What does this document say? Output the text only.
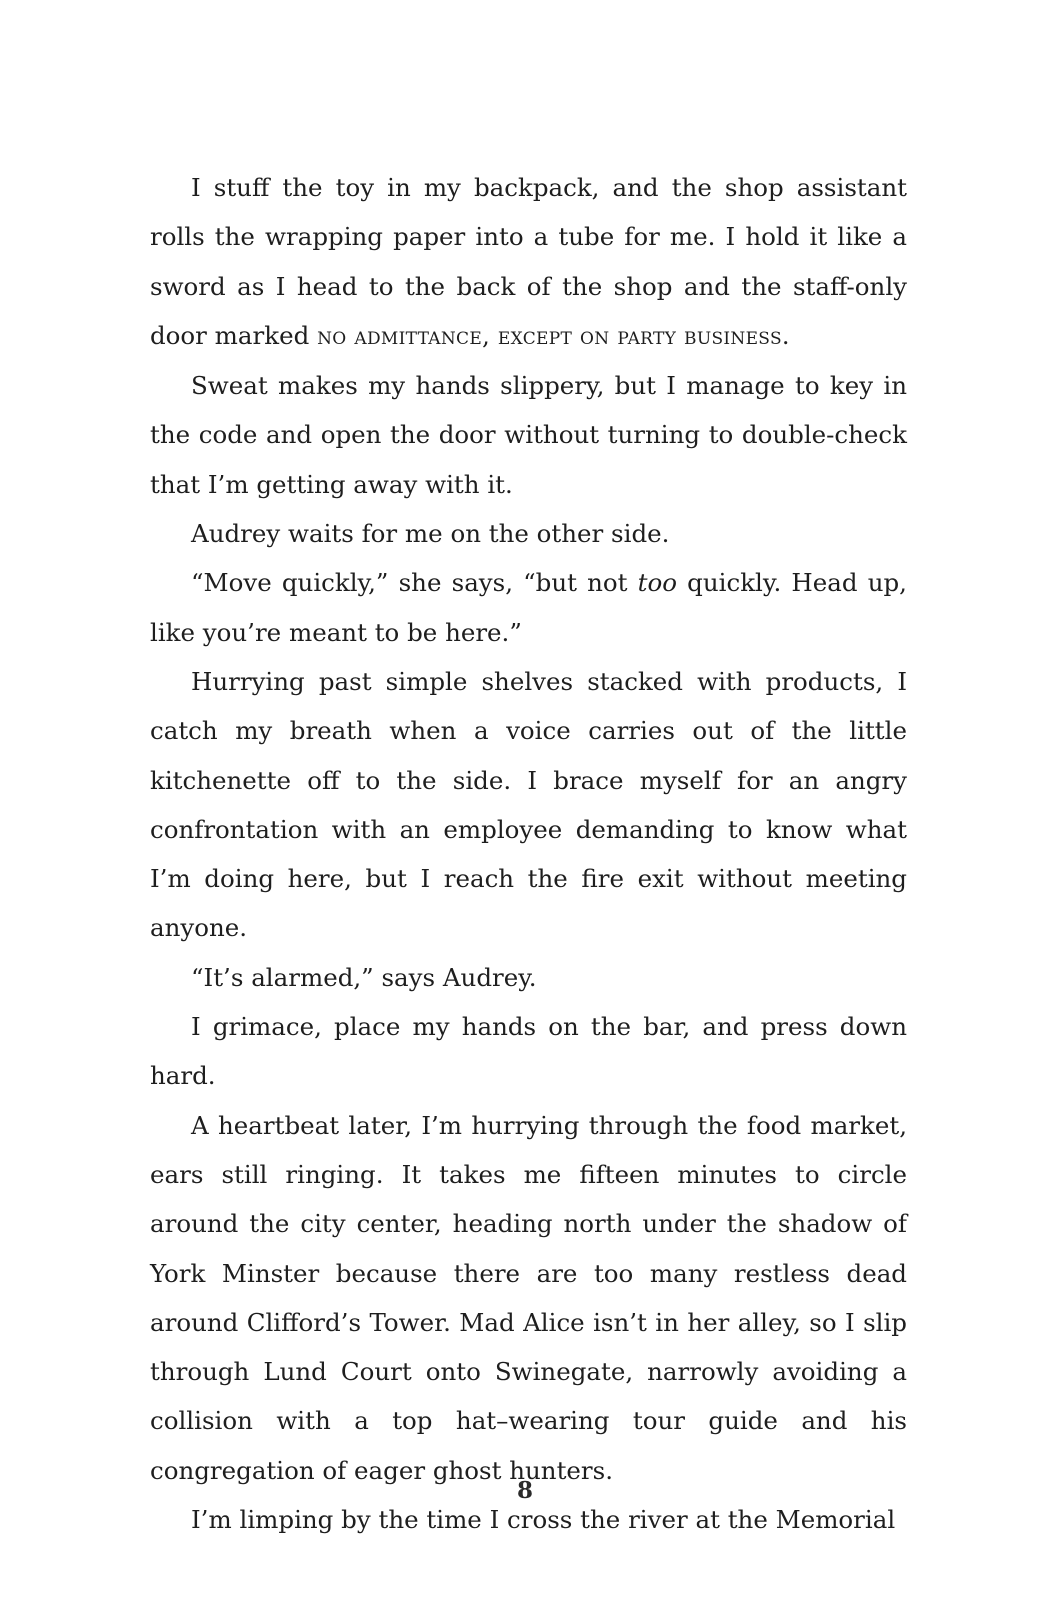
I stuff the toy in my backpack, and the shop assistant rolls the wrapping paper into a tube for me. I hold it like a sword as I head to the back of the shop and the staff-only door marked no admittance, except on party business.

Sweat makes my hands slippery, but I manage to key in the code and open the door without turning to double-check that I’m getting away with it.

Audrey waits for me on the other side.

“Move quickly,” she says, “but not too quickly. Head up, like you’re meant to be here.”

Hurrying past simple shelves stacked with products, I catch my breath when a voice carries out of the little kitchenette off to the side. I brace myself for an angry confrontation with an employee demanding to know what I’m doing here, but I reach the fire exit without meeting anyone.

“It’s alarmed,” says Audrey.

I grimace, place my hands on the bar, and press down hard.

A heartbeat later, I’m hurrying through the food market, ears still ringing. It takes me fifteen minutes to circle around the city center, heading north under the shadow of York Minster because there are too many restless dead around Clifford’s Tower. Mad Alice isn’t in her alley, so I slip through Lund Court onto Swinegate, narrowly avoiding a collision with a top hat–wearing tour guide and his congregation of eager ghost hunters.

I’m limping by the time I cross the river at the Memorial

8
